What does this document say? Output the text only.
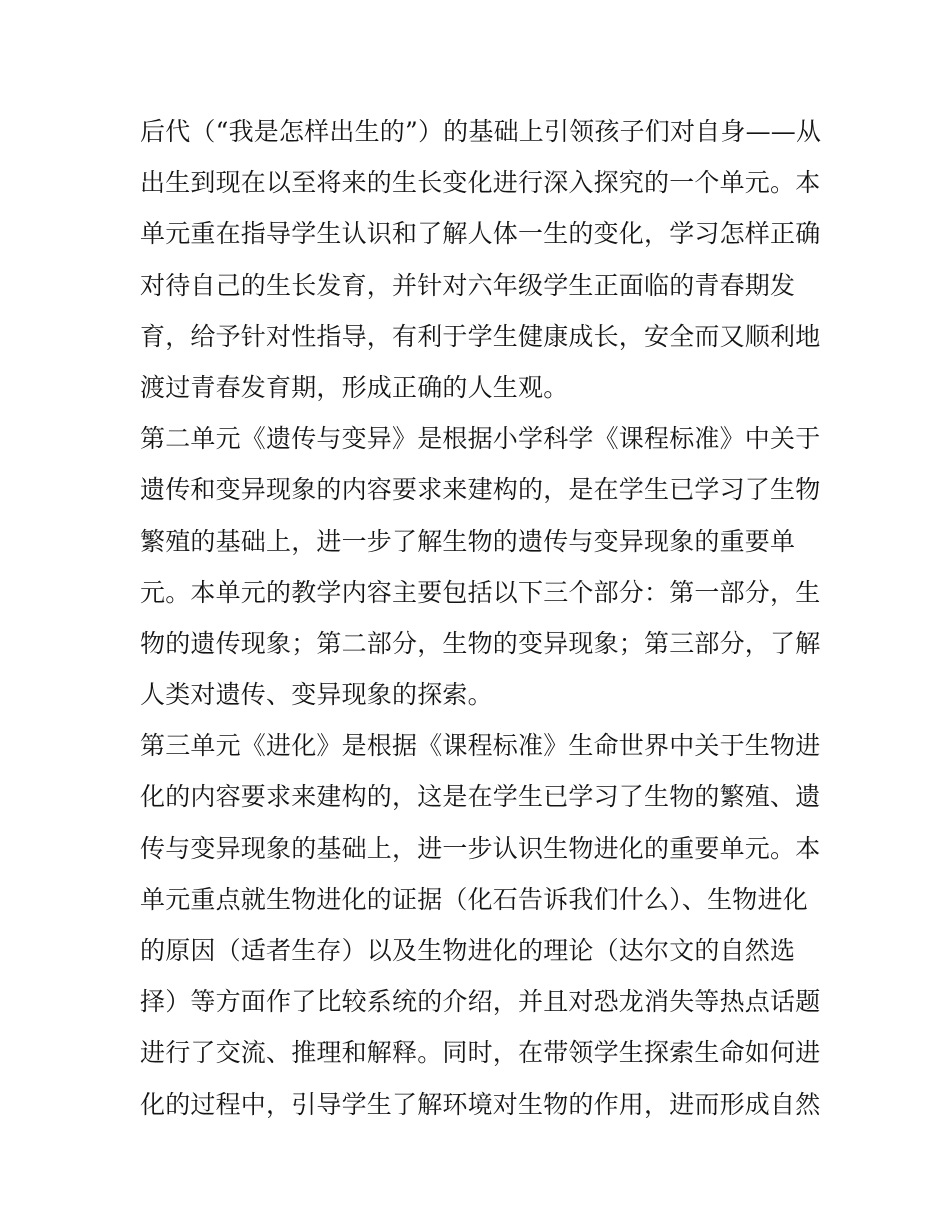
后代（“我是怎样出生的”）的基础上引领孩子们对自身——从
出生到现在以至将来的生长变化进行深入探究的一个单元。本
单元重在指导学生认识和了解人体一生的变化，学习怎样正确
对待自己的生长发育，并针对六年级学生正面临的青春期发
育，给予针对性指导，有利于学生健康成长，安全而又顺利地
渡过青春发育期，形成正确的人生观。
第二单元《遗传与变异》是根据小学科学《课程标准》中关于
遗传和变异现象的内容要求来建构的，是在学生已学习了生物
繁殖的基础上，进一步了解生物的遗传与变异现象的重要单
元。本单元的教学内容主要包括以下三个部分：第一部分，生
物的遗传现象；第二部分，生物的变异现象；第三部分，了解
人类对遗传、变异现象的探索。
第三单元《进化》是根据《课程标准》生命世界中关于生物进
化的内容要求来建构的，这是在学生已学习了生物的繁殖、遗
传与变异现象的基础上，进一步认识生物进化的重要单元。本
单元重点就生物进化的证据（化石告诉我们什么）、生物进化
的原因（适者生存）以及生物进化的理论（达尔文的自然选
择）等方面作了比较系统的介绍，并且对恐龙消失等热点话题
进行了交流、推理和解释。同时，在带领学生探索生命如何进
化的过程中，引导学生了解环境对生物的作用，进而形成自然
